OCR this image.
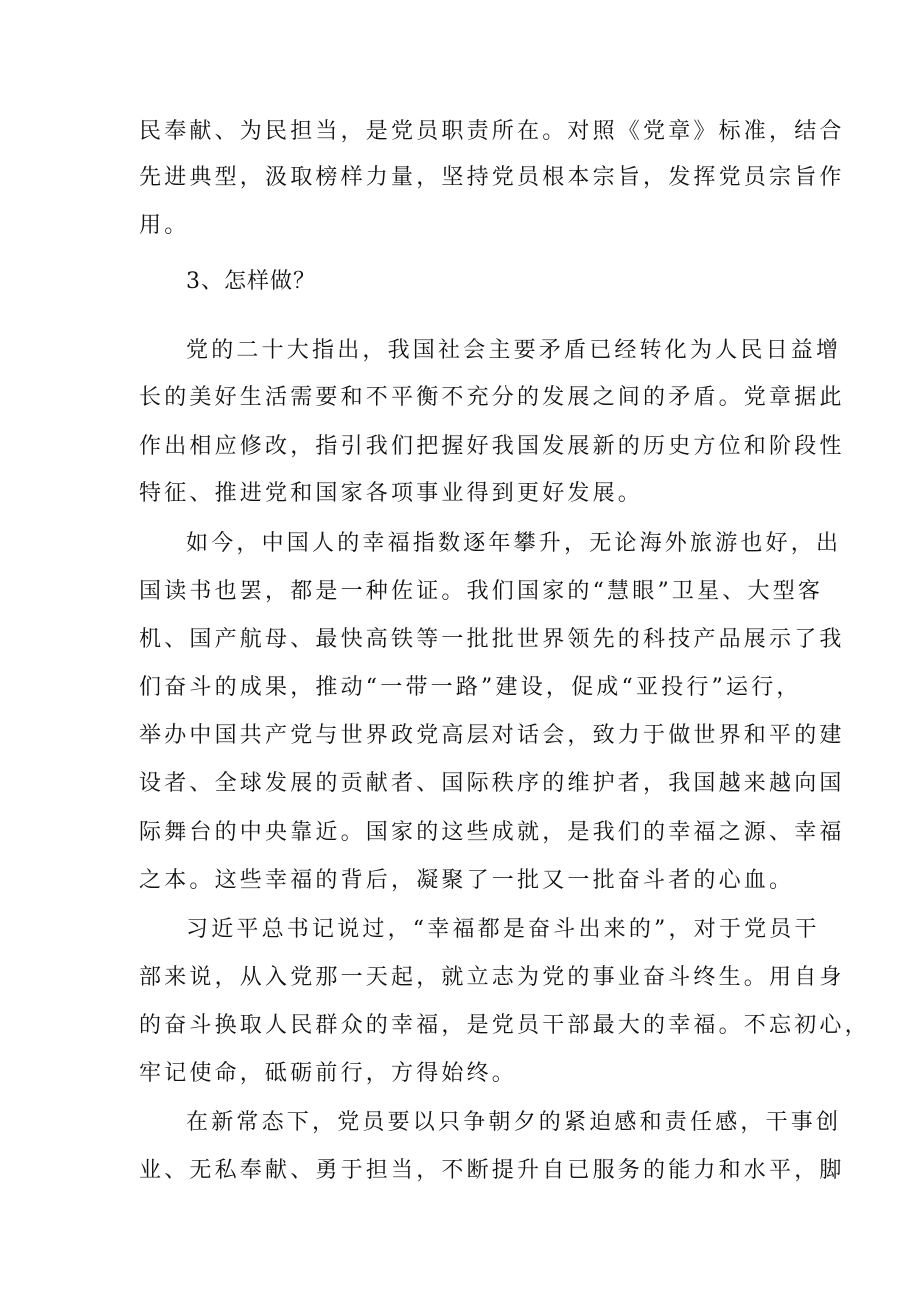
民奉献、为民担当，是党员职责所在。对照《党章》标准，结合
先进典型，汲取榜样力量，坚持党员根本宗旨，发挥党员宗旨作
用。
3、怎样做？
党的二十大指出，我国社会主要矛盾已经转化为人民日益增
长的美好生活需要和不平衡不充分的发展之间的矛盾。党章据此
作出相应修改，指引我们把握好我国发展新的历史方位和阶段性
特征、推进党和国家各项事业得到更好发展。
如今，中国人的幸福指数逐年攀升，无论海外旅游也好，出
国读书也罢，都是一种佐证。我们国家的“慧眼”卫星、大型客
机、国产航母、最快高铁等一批批世界领先的科技产品展示了我
们奋斗的成果，推动“一带一路”建设，促成“亚投行”运行，
举办中国共产党与世界政党高层对话会，致力于做世界和平的建
设者、全球发展的贡献者、国际秩序的维护者，我国越来越向国
际舞台的中央靠近。国家的这些成就，是我们的幸福之源、幸福
之本。这些幸福的背后，凝聚了一批又一批奋斗者的心血。
习近平总书记说过，“幸福都是奋斗出来的”，对于党员干
部来说，从入党那一天起，就立志为党的事业奋斗终生。用自身
的奋斗换取人民群众的幸福，是党员干部最大的幸福。不忘初心，
牢记使命，砥砺前行，方得始终。
在新常态下，党员要以只争朝夕的紧迫感和责任感，干事创
业、无私奉献、勇于担当，不断提升自已服务的能力和水平，脚
